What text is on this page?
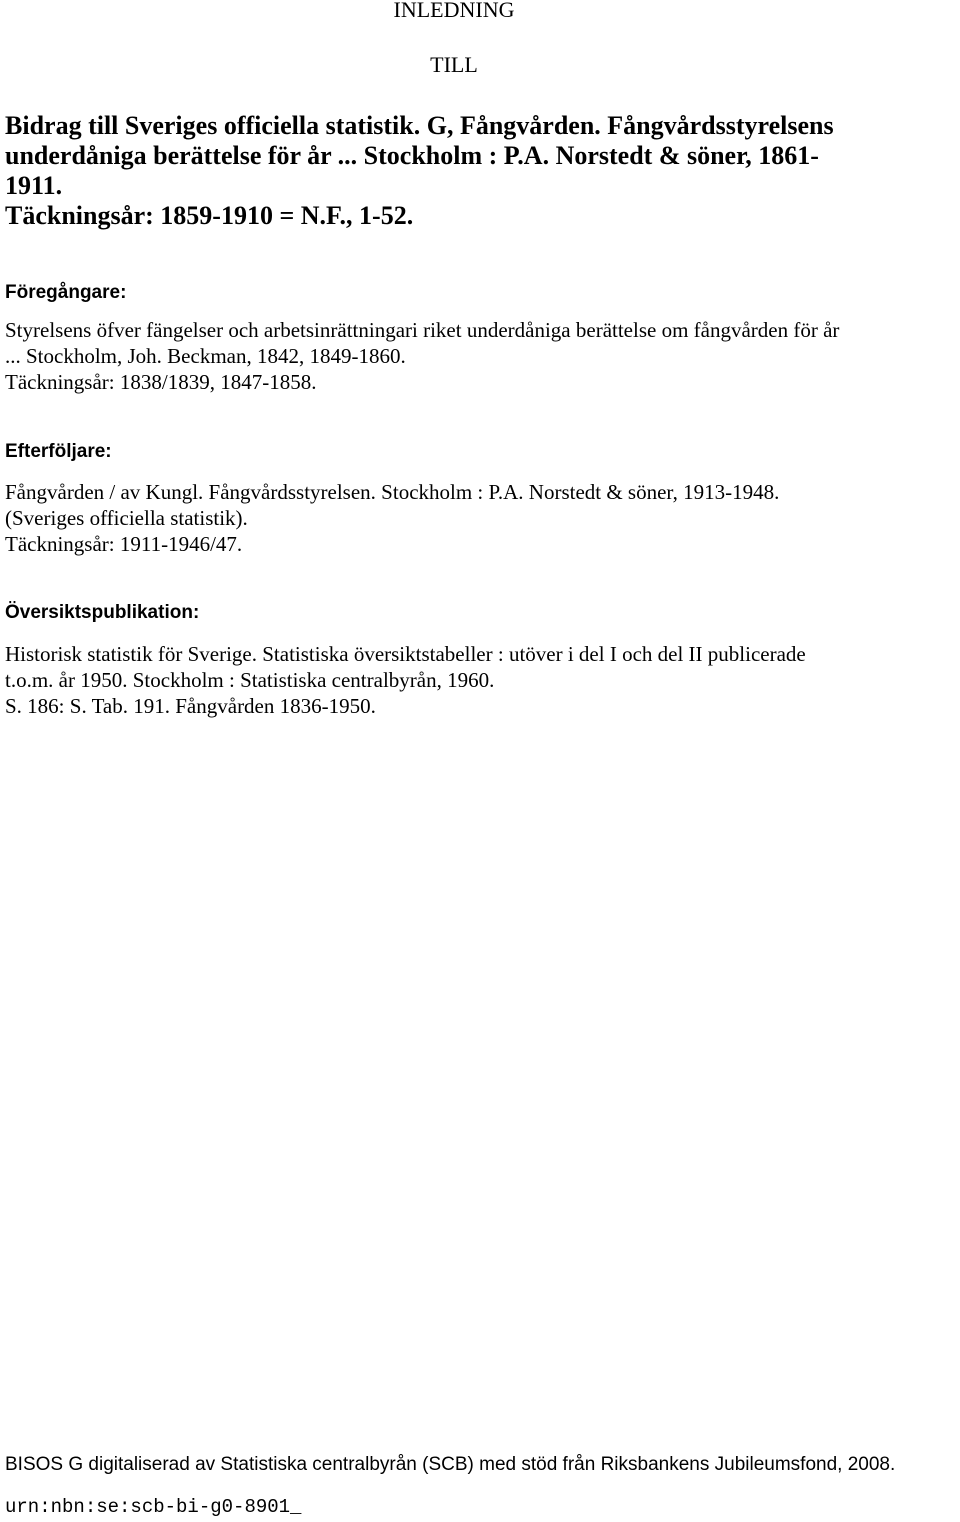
INLEDNING
TILL
Bidrag till Sveriges officiella statistik. G, Fångvården. Fångvårdsstyrelsens
underdåniga berättelse för år ... Stockholm : P.A. Norstedt & söner, 1861-
1911.
Täckningsår: 1859-1910 = N.F., 1-52.
Föregångare:
Styrelsens öfver fängelser och arbetsinrättningari riket underdåniga berättelse om fångvården för år
... Stockholm, Joh. Beckman, 1842, 1849-1860.
Täckningsår: 1838/1839, 1847-1858.
Efterföljare:
Fångvården / av Kungl. Fångvårdsstyrelsen. Stockholm : P.A. Norstedt & söner, 1913-1948.
(Sveriges officiella statistik).
Täckningsår: 1911-1946/47.
Översiktspublikation:
Historisk statistik för Sverige. Statistiska översiktstabeller : utöver i del I och del II publicerade
t.o.m. år 1950. Stockholm : Statistiska centralbyrån, 1960.
S. 186: S. Tab. 191. Fångvården 1836-1950.
BISOS G digitaliserad av Statistiska centralbyrån (SCB) med stöd från Riksbankens Jubileumsfond, 2008.
urn:nbn:se:scb-bi-g0-8901_
